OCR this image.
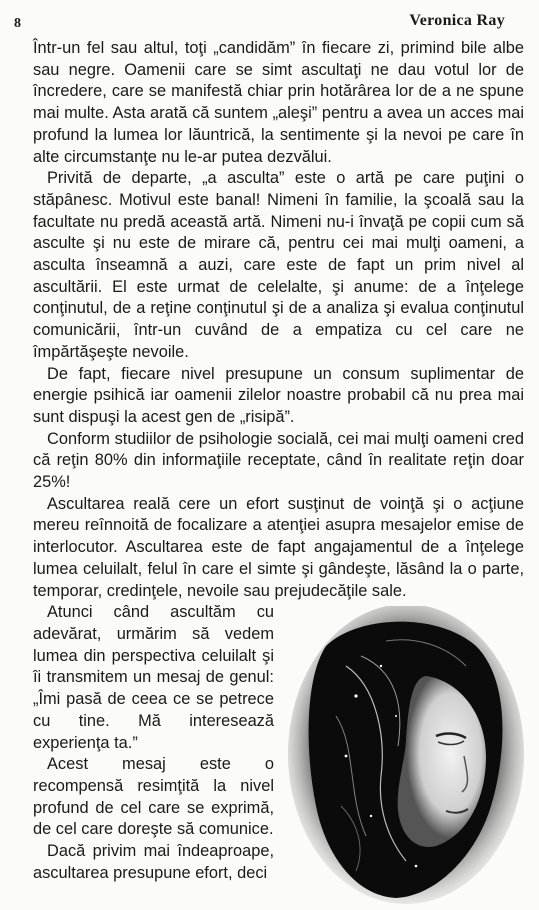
8	Veronica Ray

Într-un fel sau altul, toţi „candidăm” în fiecare zi, primind bile albe sau negre. Oamenii care se simt ascultaţi ne dau votul lor de încredere, care se manifestă chiar prin hotărârea lor de a ne spune mai multe. Asta arată că suntem „aleşi” pentru a avea un acces mai profund la lumea lor lăuntrică, la sentimente şi la nevoi pe care în alte circumstanţe nu le-ar putea dezvălui.

Privită de departe, „a asculta” este o artă pe care puţini o stăpânesc. Motivul este banal! Nimeni în familie, la şcoală sau la facultate nu predă această artă. Nimeni nu-i învaţă pe copii cum să asculte şi nu este de mirare că, pentru cei mai mulţi oameni, a asculta înseamnă a auzi, care este de fapt un prim nivel al ascultării. El este urmat de celelalte, şi anume: de a înţelege conţinutul, de a reţine conţinutul şi de a analiza şi evalua conţinutul comunicării, într-un cuvând de a empatiza cu cel care ne împărtăşeşte nevoile.

De fapt, fiecare nivel presupune un consum suplimentar de energie psihică iar oamenii zilelor noastre probabil că nu prea mai sunt dispuşi la acest gen de „risipă”.

Conform studiilor de psihologie socială, cei mai mulţi oameni cred că reţin 80% din informaţiile receptate, când în realitate reţin doar 25%!

Ascultarea reală cere un efort susţinut de voinţă şi o acţiune mereu reînnoită de focalizare a atenţiei asupra mesajelor emise de interlocutor. Ascultarea este de fapt angajamentul de a înţelege lumea celuilalt, felul în care el simte şi gândeşte, lăsând la o parte, temporar, credinţele, nevoile sau prejudecăţile sale.

Atunci când ascultăm cu adevărat, urmărim să vedem lumea din perspectiva celuilalt şi îi transmitem un mesaj de genul: „Îmi pasă de ceea ce se petrece cu tine. Mă interesează experienţa ta.”

Acest mesaj este o recompensă resimţită la nivel profund de cel care se exprimă, de cel care doreşte să comunice.

Dacă privim mai îndeaproape, ascultarea presupune efort, deci
